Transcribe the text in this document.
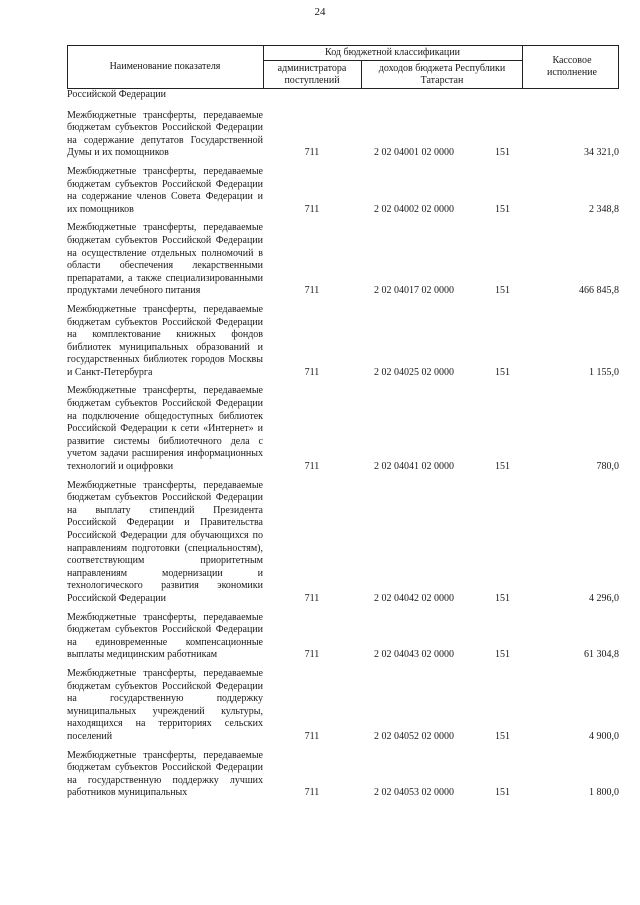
24
Наименование показателя
Код бюджетной классификации
администратора поступлений
доходов бюджета Республики Татарстан
Кассовое исполнение
Российской Федерации
Межбюджетные трансферты, передаваемые бюджетам субъектов Российской Федерации на содержание депутатов Государственной Думы и их помощников	711	2 02 04001 02 0000	151	34 321,0
Межбюджетные трансферты, передаваемые бюджетам субъектов Российской Федерации на содержание членов Совета Федерации и их помощников	711	2 02 04002 02 0000	151	2 348,8
Межбюджетные трансферты, передаваемые бюджетам субъектов Российской Федерации на осуществление отдельных полномочий в области обеспечения лекарственными препаратами, а также специализированными продуктами лечебного питания	711	2 02 04017 02 0000	151	466 845,8
Межбюджетные трансферты, передаваемые бюджетам субъектов Российской Федерации на комплектование книжных фондов библиотек муниципальных образований и государственных библиотек городов Москвы и Санкт-Петербурга	711	2 02 04025 02 0000	151	1 155,0
Межбюджетные трансферты, передаваемые бюджетам субъектов Российской Федерации на подключение общедоступных библиотек Российской Федерации к сети «Интернет» и развитие системы библиотечного дела с учетом задачи расширения информационных технологий и оцифровки	711	2 02 04041 02 0000	151	780,0
Межбюджетные трансферты, передаваемые бюджетам субъектов Российской Федерации на выплату стипендий Президента Российской Федерации и Правительства Российской Федерации для обучающихся по направлениям подготовки (специальностям), соответствующим приоритетным направлениям модернизации и технологического развития экономики Российской Федерации	711	2 02 04042 02 0000	151	4 296,0
Межбюджетные трансферты, передаваемые бюджетам субъектов Российской Федерации на единовременные компенсационные выплаты медицинским работникам	711	2 02 04043 02 0000	151	61 304,8
Межбюджетные трансферты, передаваемые бюджетам субъектов Российской Федерации на государственную поддержку муниципальных учреждений культуры, находящихся на территориях сельских поселений	711	2 02 04052 02 0000	151	4 900,0
Межбюджетные трансферты, передаваемые бюджетам субъектов Российской Федерации на государственную поддержку лучших работников муниципальных	711	2 02 04053 02 0000	151	1 800,0
